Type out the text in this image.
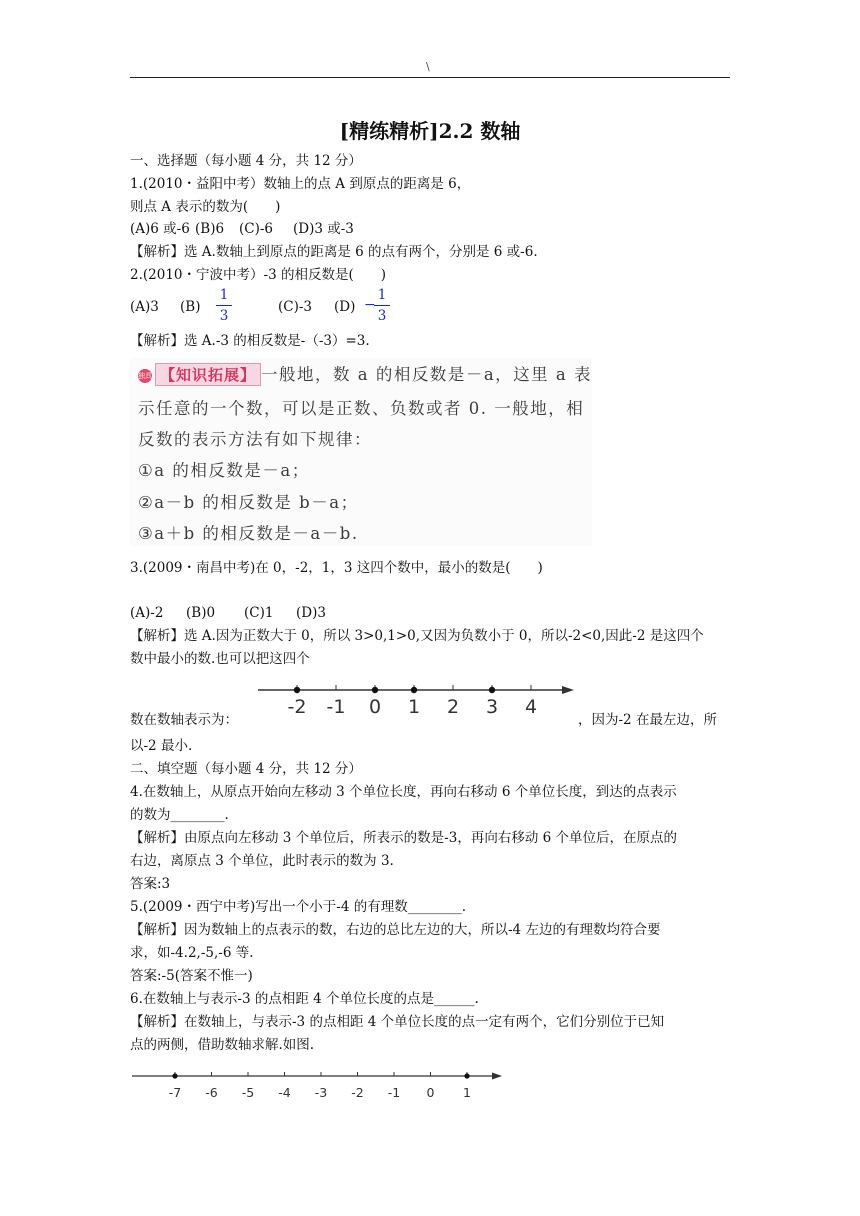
\
[精练精析]2.2 数轴
一、选择题（每小题 4 分，共 12 分）
1.(2010・益阳中考）数轴上的点 A 到原点的距离是 6，
则点 A 表示的数为(　　)
(A)6 或-6 (B)6 (C)-6 (D)3 或-3
【解析】选 A.数轴上到原点的距离是 6 的点有两个，分别是 6 或-6.
2.(2010・宁波中考）-3 的相反数是(　　)
(A)3 (B)
1
3
(C)-3 (D) −
1
3
【解析】选 A.-3 的相反数是-（-3）=3.
独具 【知识拓展】 一般地，数 a 的相反数是－a，这里 a 表
示任意的一个数，可以是正数、负数或者 0. 一般地，相
反数的表示方法有如下规律：
①a 的相反数是－a；
②a－b 的相反数是 b－a；
③a＋b 的相反数是－a－b.
3.(2009・南昌中考)在 0，-2，1，3 这四个数中，最小的数是(　　)
(A)-2 (B)0 (C)1 (D)3
【解析】选 A.因为正数大于 0，所以 3>0,1>0,又因为负数小于 0，所以-2<0,因此-2 是这四个
数中最小的数.也可以把这四个
-2 -1 0 1 2 3 4
数在数轴表示为：	，因为-2 在最左边，所
以-2 最小.
二、填空题（每小题 4 分，共 12 分）
4.在数轴上，从原点开始向左移动 3 个单位长度，再向右移动 6 个单位长度，到达的点表示
的数为________.
【解析】由原点向左移动 3 个单位后，所表示的数是-3，再向右移动 6 个单位后，在原点的
右边，离原点 3 个单位，此时表示的数为 3.
答案:3
5.(2009・西宁中考)写出一个小于-4 的有理数________.
【解析】因为数轴上的点表示的数，右边的总比左边的大，所以-4 左边的有理数均符合要
求，如-4.2,-5,-6 等.
答案:-5(答案不惟一)
6.在数轴上与表示-3 的点相距 4 个单位长度的点是______.
【解析】在数轴上，与表示-3 的点相距 4 个单位长度的点一定有两个，它们分别位于已知
点的两侧，借助数轴求解.如图.
-7 -6 -5 -4 -3 -2 -1 0 1
